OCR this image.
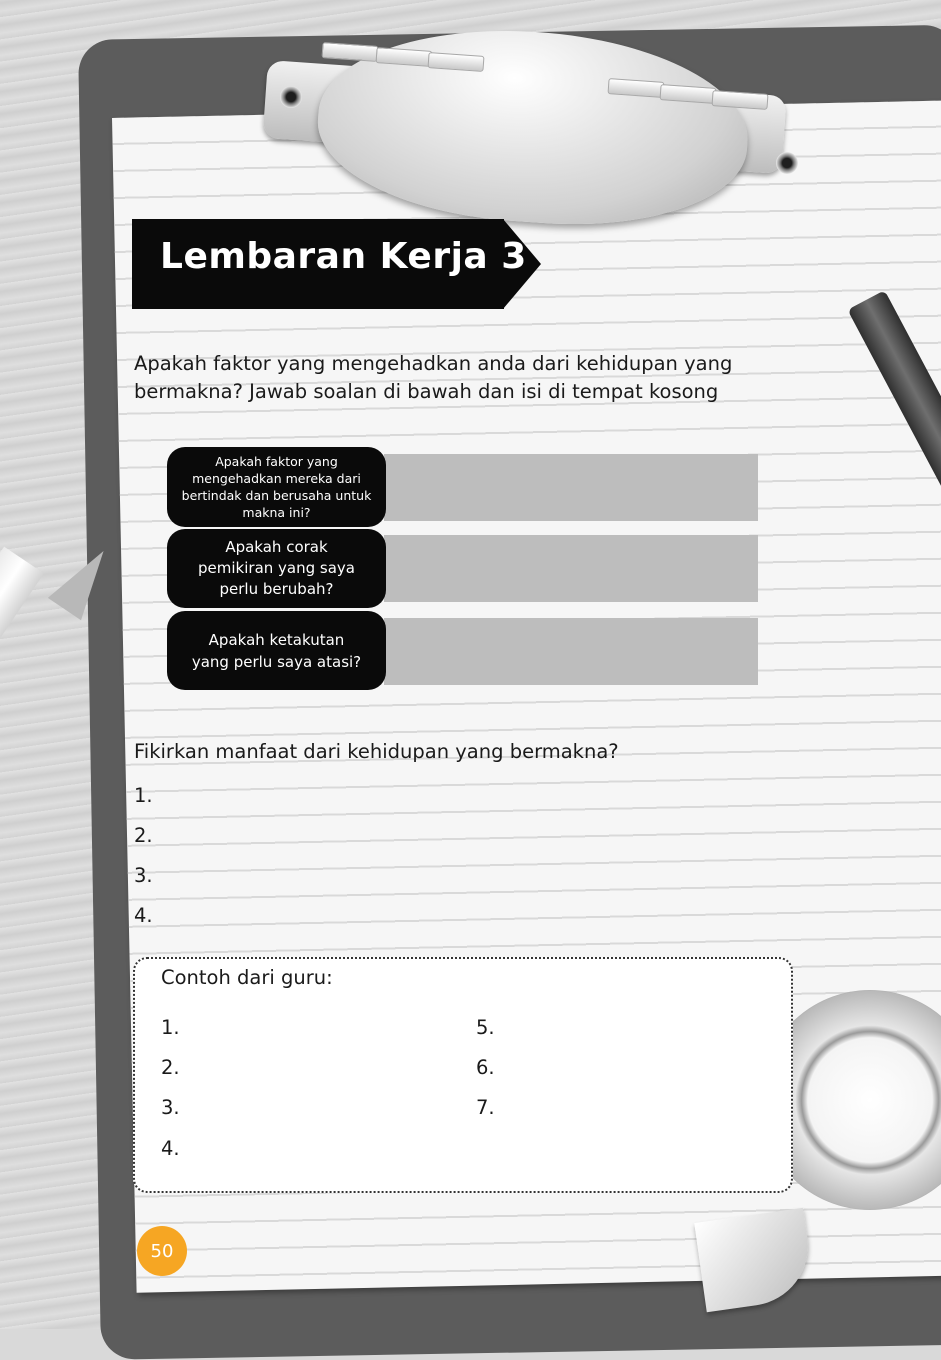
Lembaran Kerja 3
Apakah faktor yang mengehadkan anda dari kehidupan yang bermakna? Jawab soalan di bawah dan isi di tempat kosong
Apakah faktor yang mengehadkan mereka dari bertindak dan berusaha untuk makna ini?
Apakah corak pemikiran yang saya perlu berubah?
Apakah ketakutan yang perlu saya atasi?
Fikirkan manfaat dari kehidupan yang bermakna?
1.
2.
3.
4.
Contoh dari guru:
1.
2.
3.
4.
5.
6.
7.
50
